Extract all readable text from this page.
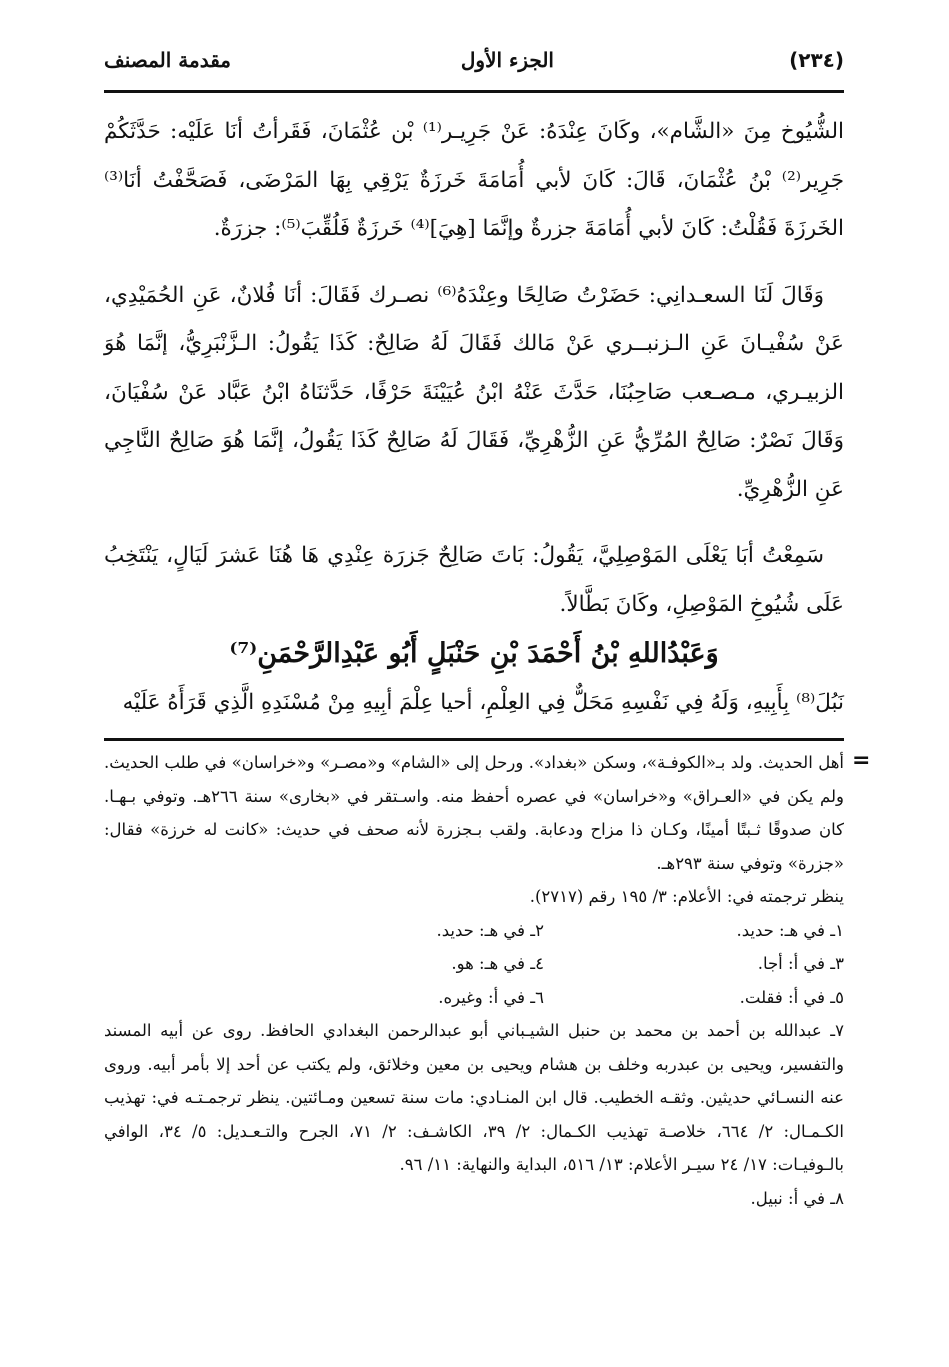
(٢٣٤)
الجزء الأول
مقدمة المصنف

الشُّيُوخ مِنَ «الشَّام»، وكَانَ عِنْدَهُ: عَنْ جَرِيـر⁽¹⁾ بْن عُثْمَانَ، فَقَرأتُ أنَا عَلَيْه: حَدَّثَكُمْ جَرِير⁽²⁾ بْنُ عُثْمَانَ، قَالَ: كَانَ لأبي أُمَامَةَ خَرزَةٌ يَرْقِي بِهَا المَرْضَى، فَصَحَّفْتُ أنَا⁽³⁾ الخَرزَةَ فَقُلْتُ: كَانَ لأبي أُمَامَةَ جزرةٌ وإنَّمَا [هِيَ]⁽⁴⁾ خَرزَةٌ فَلُقِّبَ⁽⁵⁾: جزرَةٌ.

وَقَالَ لَنَا السعـدانِي: حَضَرْتُ صَالِحًا وعِنْدَهُ⁽⁶⁾ نصـرك فَقَالَ: أنَا فُلانٌ، عَنِ الحُمَيْدِي، عَنْ سُفْيـانَ عَنِ الـزنبــري عَنْ مَالك فَقَالَ لَهُ صَالِحٌ: كَذَا يَقُولُ: الـزَّنْبَرِيُّ، إنَّمَا هُوَ الزبيـري، مـصـعب صَاحِبُنَا، حَدَّثَ عَنْهُ ابْنُ عُيَيْنَةَ حَرْفًا، حَدَّثنَاهُ ابْنُ عَبَّاد عَنْ سُفْيَانَ، وَقَالَ نَصْرٌ: صَالِحٌ المُرِّيُّ عَنِ الزُّهْرِيِّ، فَقَالَ لَهُ صَالِحٌ كَذَا يَقُولُ، إنَّمَا هُوَ صَالِحٌ النَّاجِي عَنِ الزُّهْرِيِّ.

سَمِعْتُ أبَا يَعْلَى المَوْصِلِيَّ، يَقُولُ: بَاتَ صَالِحٌ جَزرَة عِنْدِي هَا هُنَا عَشرَ لَيَالٍ، يَنْتَخِبُ عَلَى شُيُوخِ المَوْصِلِ، وكَانَ بَطَّالاً.

وَعَبْدُاللهِ بْنُ أَحْمَدَ بْنِ حَنْبَلٍ أَبُو عَبْدِالرَّحْمَنِ⁽⁷⁾

نَبُلَ⁽⁸⁾ بِأَبِيهِ، وَلَهُ فِي نَفْسِهِ مَحَلٌّ فِي العِلْمِ، أحيا عِلْمَ أبِيهِ مِنْ مُسْنَدِهِ الَّذِي قَرَأَهُ عَلَيْه

=

أهل الحديث. ولد بـ«الكوفـة»، وسكن «بغداد». ورحل إلى «الشام» و«مصـر» و«خراسان» في طلب الحديث. ولم يكن في «العـراق» و«خراسان» في عصره أحفظ منه. واسـتقر في «بخارى» سنة ٢٦٦هـ. وتوفي بـهـا. كان صدوقًا ثـبتًا أمينًا، وكـان ذا مزاح ودعابة. ولقب بـجزرة لأنه صحف في حديث: «كانت له خرزة» فقال: «جزرة» وتوفي سنة ٢٩٣هـ.

ينظر ترجمته في: الأعلام: ٣/ ١٩٥ رقم (٢٧١٧).

١ـ في هـ: حديد.
٢ـ في هـ: حديد.
٣ـ في أ: أجا.
٤ـ في هـ: هو.
٥ـ في أ: فقلت.
٦ـ في أ: وغيره.

٧ـ عبدالله بن أحمد بن محمد بن حنبل الشيـباني أبو عبدالرحمن البغدادي الحافظ. روى عن أبيه المسند والتفسير، ويحيى بن عبدربه وخلف بن هشام ويحيى بن معين وخلائق، ولم يكتب عن أحد إلا بأمر أبيه. وروى عنه النسـائي حديثين. وثقـه الخطيب. قال ابن المنـادي: مات سنة تسعين ومـائتين. ينظر ترجمـتـه في: تهذيب الكـمـال: ٢/ ٦٦٤، خلاصـة تهذيب الكـمال: ٢/ ٣٩، الكاشـف: ٢/ ٧١، الجرح والتـعـديل: ٥/ ٣٤، الوافي بالـوفيـات: ١٧/ ٢٤ سيـر الأعلام: ١٣/ ٥١٦، البداية والنهاية: ١١/ ٩٦.

٨ـ في أ: نبيل.
